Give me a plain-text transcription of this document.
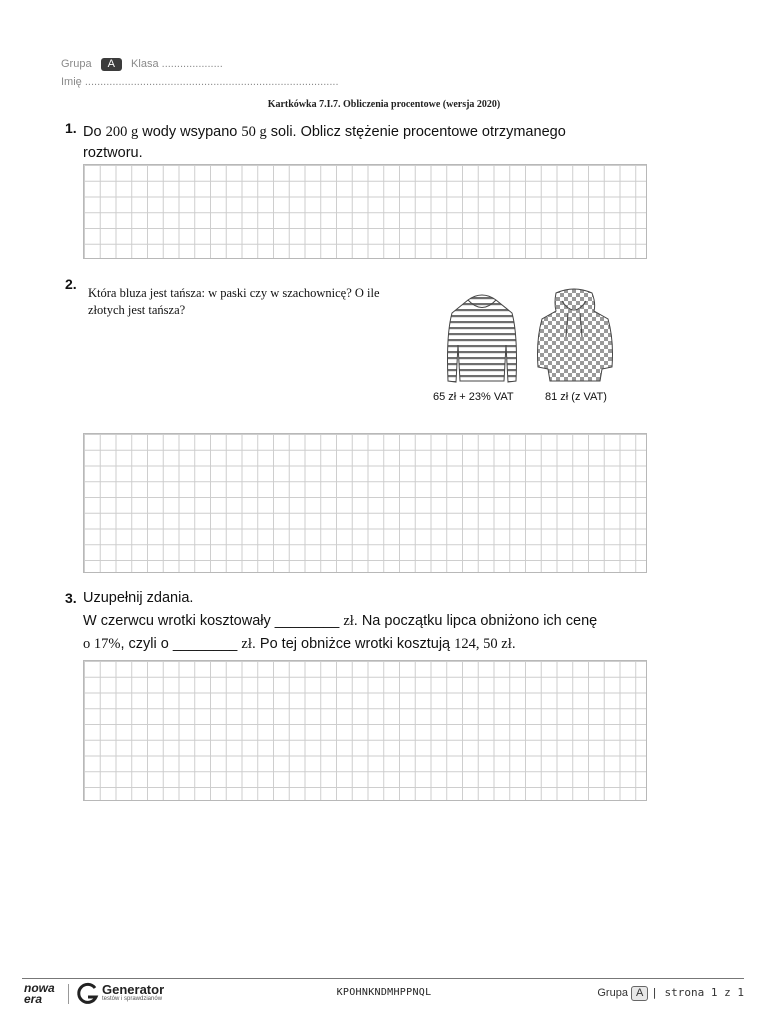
Grupa A Klasa ....................
Imię ...................................................................................
Kartkówka 7.I.7. Obliczenia procentowe (wersja 2020)
1. Do 200 g wody wsypano 50 g soli. Oblicz stężenie procentowe otrzymanego
roztworu.
2.
Która bluza jest tańsza: w paski czy w szachownicę? O ile
złotych jest tańsza?
65 zł + 23% VAT	81 zł (z VAT)
3. Uzupełnij zdania.
W czerwcu wrotki kosztowały ________ zł. Na początku lipca obniżono ich cenę
o 17%, czyli o ________ zł. Po tej obniżce wrotki kosztują 124, 50 zł.
nowa era
Generator
testów i sprawdzianów
KPOHNKNDMHPPNQL	Grupa A | strona 1 z 1
